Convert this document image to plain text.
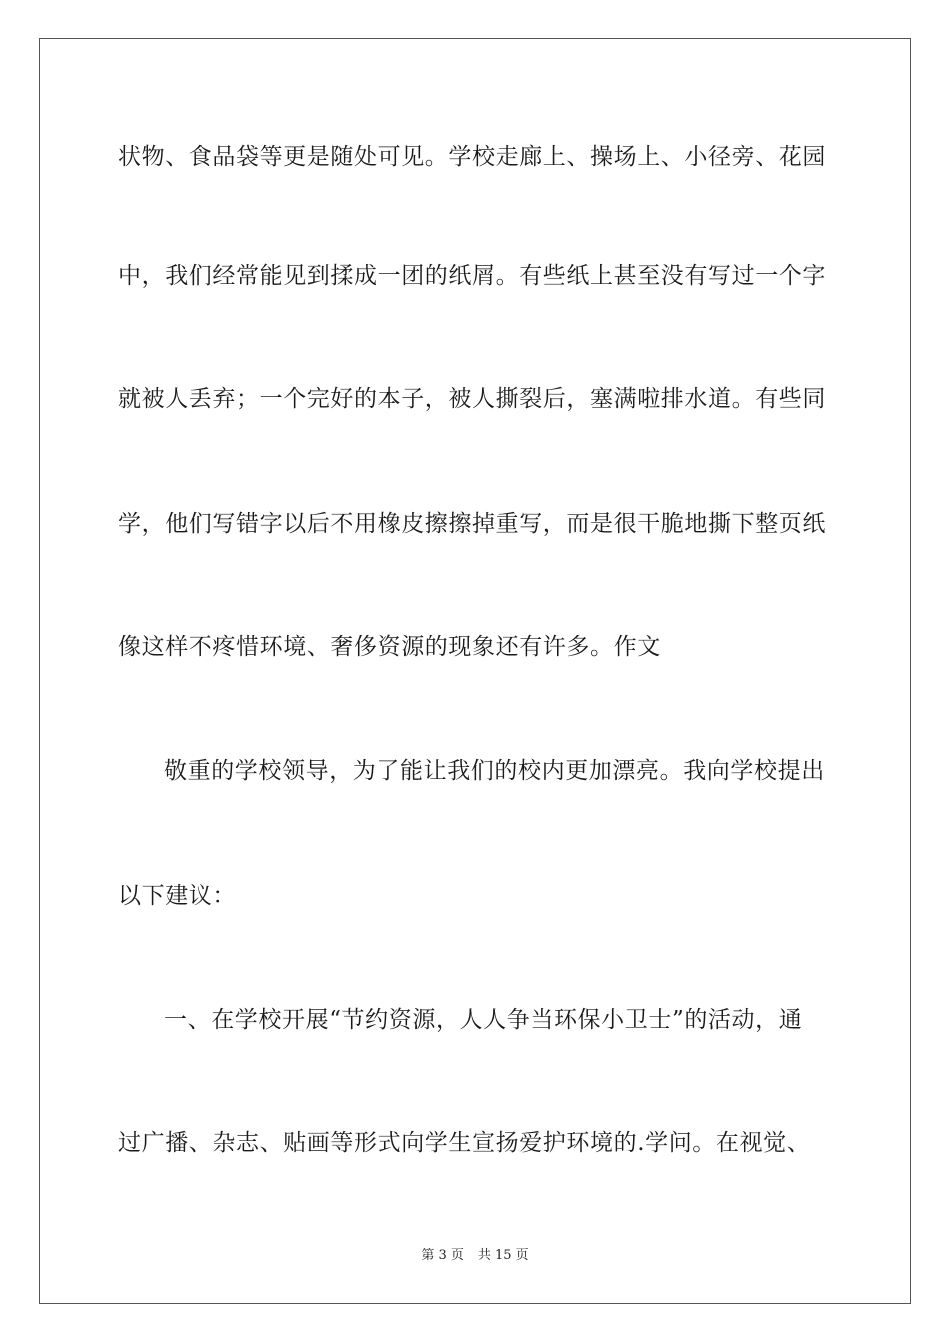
状物、食品袋等更是随处可见。学校走廊上、操场上、小径旁、花园

中，我们经常能见到揉成一团的纸屑。有些纸上甚至没有写过一个字

就被人丢弃；一个完好的本子，被人撕裂后，塞满啦排水道。有些同

学，他们写错字以后不用橡皮擦擦掉重写，而是很干脆地撕下整页纸

像这样不疼惜环境、奢侈资源的现象还有许多。作文

敬重的学校领导，为了能让我们的校内更加漂亮。我向学校提出

以下建议：

一、在学校开展“节约资源，人人争当环保小卫士”的活动，通

过广播、杂志、贴画等形式向学生宣扬爱护环境的.学问。在视觉、

第 3 页 共 15 页
